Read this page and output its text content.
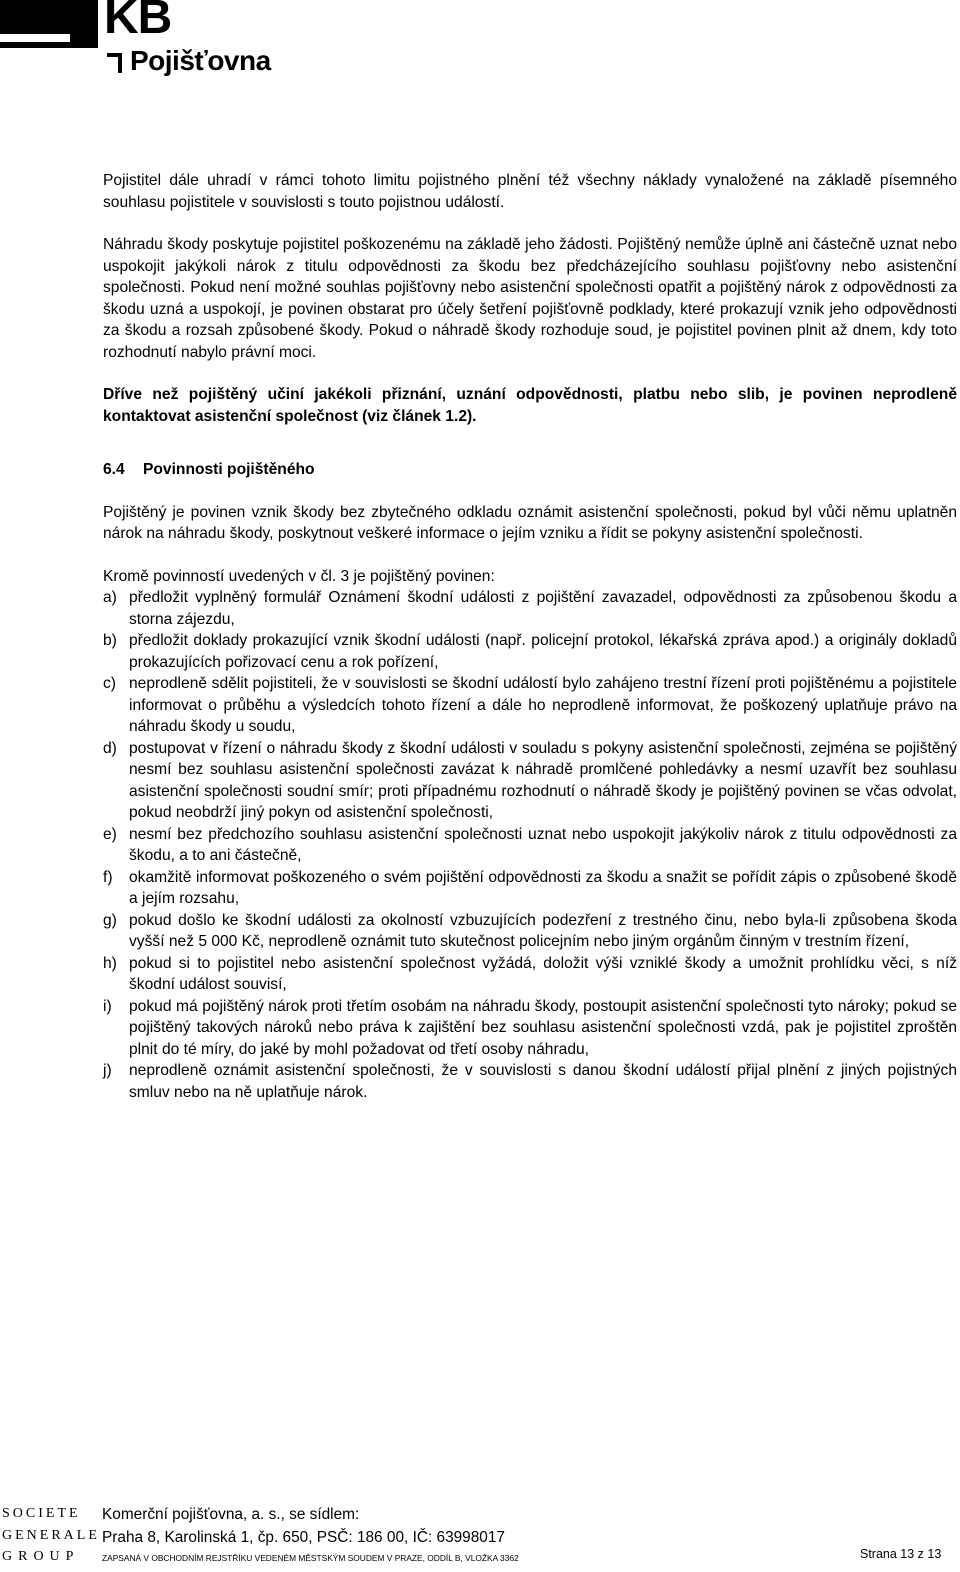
KB
Pojišťovna

Pojistitel dále uhradí v rámci tohoto limitu pojistného plnění též všechny náklady vynaložené na základě písemného souhlasu pojistitele v souvislosti s touto pojistnou událostí.

Náhradu škody poskytuje pojistitel poškozenému na základě jeho žádosti. Pojištěný nemůže úplně ani částečně uznat nebo uspokojit jakýkoli nárok z titulu odpovědnosti za škodu bez předcházejícího souhlasu pojišťovny nebo asistenční společnosti. Pokud není možné souhlas pojišťovny nebo asistenční společnosti opatřit a pojištěný nárok z odpovědnosti za škodu uzná a uspokojí, je povinen obstarat pro účely šetření pojišťovně podklady, které prokazují vznik jeho odpovědnosti za škodu a rozsah způsobené škody. Pokud o náhradě škody rozhoduje soud, je pojistitel povinen plnit až dnem, kdy toto rozhodnutí nabylo právní moci.

Dříve než pojištěný učiní jakékoli přiznání, uznání odpovědnosti, platbu nebo slib, je povinen neprodleně kontaktovat asistenční společnost (viz článek 1.2).

6.4	Povinnosti pojištěného

Pojištěný je povinen vznik škody bez zbytečného odkladu oznámit asistenční společnosti, pokud byl vůči němu uplatněn nárok na náhradu škody, poskytnout veškeré informace o jejím vzniku a řídit se pokyny asistenční společnosti.

Kromě povinností uvedených v čl. 3 je pojištěný povinen:

a) předložit vyplněný formulář Oznámení škodní události z pojištění zavazadel, odpovědnosti za způsobenou škodu a storna zájezdu,
b) předložit doklady prokazující vznik škodní události (např. policejní protokol, lékařská zpráva apod.) a originály dokladů prokazujících pořizovací cenu a rok pořízení,
c) neprodleně sdělit pojistiteli, že v souvislosti se škodní událostí bylo zahájeno trestní řízení proti pojištěnému a pojistitele informovat o průběhu a výsledcích tohoto řízení a dále ho neprodleně informovat, že poškozený uplatňuje právo na náhradu škody u soudu,
d) postupovat v řízení o náhradu škody z škodní události v souladu s pokyny asistenční společnosti, zejména se pojištěný nesmí bez souhlasu asistenční společnosti zavázat k náhradě promlčené pohledávky a nesmí uzavřít bez souhlasu asistenční společnosti soudní smír; proti případnému rozhodnutí o náhradě škody je pojištěný povinen se včas odvolat, pokud neobdrží jiný pokyn od asistenční společnosti,
e) nesmí bez předchozího souhlasu asistenční společnosti uznat nebo uspokojit jakýkoliv nárok z titulu odpovědnosti za škodu, a to ani částečně,
f)	okamžitě informovat poškozeného o svém pojištění odpovědnosti za škodu a snažit se pořídit zápis o způsobené škodě a jejím rozsahu,
g) pokud došlo ke škodní události za okolností vzbuzujících podezření z trestného činu, nebo byla-li způsobena škoda vyšší než 5 000 Kč, neprodleně oznámit tuto skutečnost policejním nebo jiným orgánům činným v trestním řízení,
h) pokud si to pojistitel nebo asistenční společnost vyžádá, doložit výši vzniklé škody a umožnit prohlídku věci, s níž škodní událost souvisí,
i)	pokud má pojištěný nárok proti třetím osobám na náhradu škody, postoupit asistenční společnosti tyto nároky; pokud se pojištěný takových nároků nebo práva k zajištění bez souhlasu asistenční společnosti vzdá, pak je pojistitel zproštěn plnit do té míry, do jaké by mohl požadovat od třetí osoby náhradu,
j)	neprodleně oznámit asistenční společnosti, že v souvislosti s danou škodní událostí přijal plnění z jiných pojistných smluv nebo na ně uplatňuje nárok.
SOCIETE
GENERALE
GROUP
Komerční pojišťovna, a. s., se sídlem:
Praha 8, Karolinská 1, čp. 650, PSČ: 186 00, IČ: 63998017
ZAPSANÁ V OBCHODNÍM REJSTŘÍKU VEDENÉM MĚSTSKÝM SOUDEM V PRAZE, ODDÍL B, VLOŽKA 3362	Strana 13 z 13
